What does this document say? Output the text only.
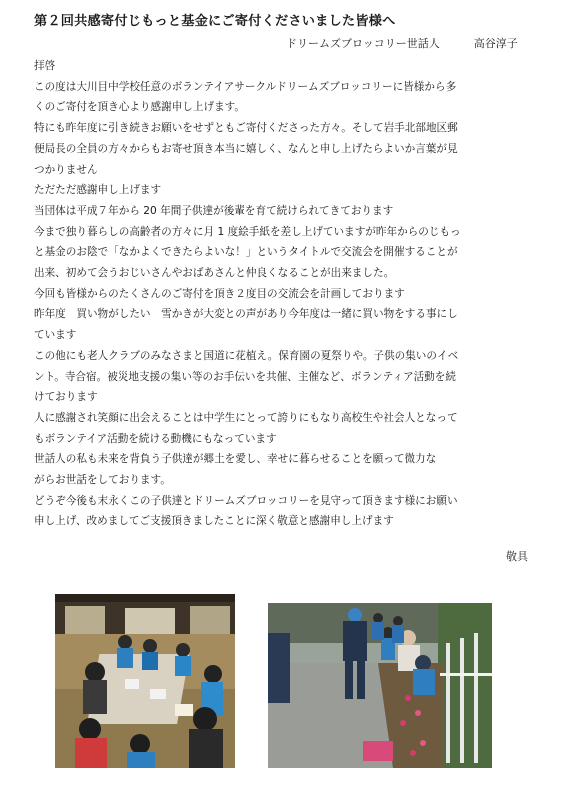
第２回共感寄付じもっと基金にご寄付くださいました皆様へ
ドリームズブロッコリー世話人	高谷淳子

拝啓

この度は大川目中学校任意のボランテイアサークルドリームズブロッコリーに皆様から多

くのご寄付を頂き心より感謝申し上げます。

特にも昨年度に引き続きお願いをせずともご寄付くださった方々。そして岩手北部地区郵

便局長の全員の方々からもお寄せ頂き本当に嬉しく、なんと申し上げたらよいか言葉が見

つかりません

ただただ感謝申し上げます

当団体は平成７年から 20 年間子供達が後輩を育て続けられてきております

今まで独り暮らしの高齢者の方々に月 1 度絵手紙を差し上げていますが昨年からのじもっ

と基金のお陰で「なかよくできたらよいな！」というタイトルで交流会を開催することが

出来、初めて会うおじいさんやおばあさんと仲良くなることが出来ました。

今回も皆様からのたくさんのご寄付を頂き２度目の交流会を計画しております

昨年度　買い物がしたい　雪かきが大変との声があり今年度は一緒に買い物をする事にし

ています

この他にも老人クラブのみなさまと国道に花植え。保育園の夏祭りや。子供の集いのイベ

ント。寺合宿。被災地支援の集い等のお手伝いを共催、主催など、ボランティア活動を続

けております

人に感謝され笑顔に出会えることは中学生にとって誇りにもなり高校生や社会人となって

もボランテイア活動を続ける動機にもなっています

世話人の私も未来を背負う子供達が郷土を愛し、幸せに暮らせることを願って微力な

がらお世話をしております。

どうぞ今後も末永くこの子供達とドリームズブロッコリーを見守って頂きます様にお願い

申し上げ、改めましてご支援頂きましたことに深く敬意と感謝申し上げます

敬具
